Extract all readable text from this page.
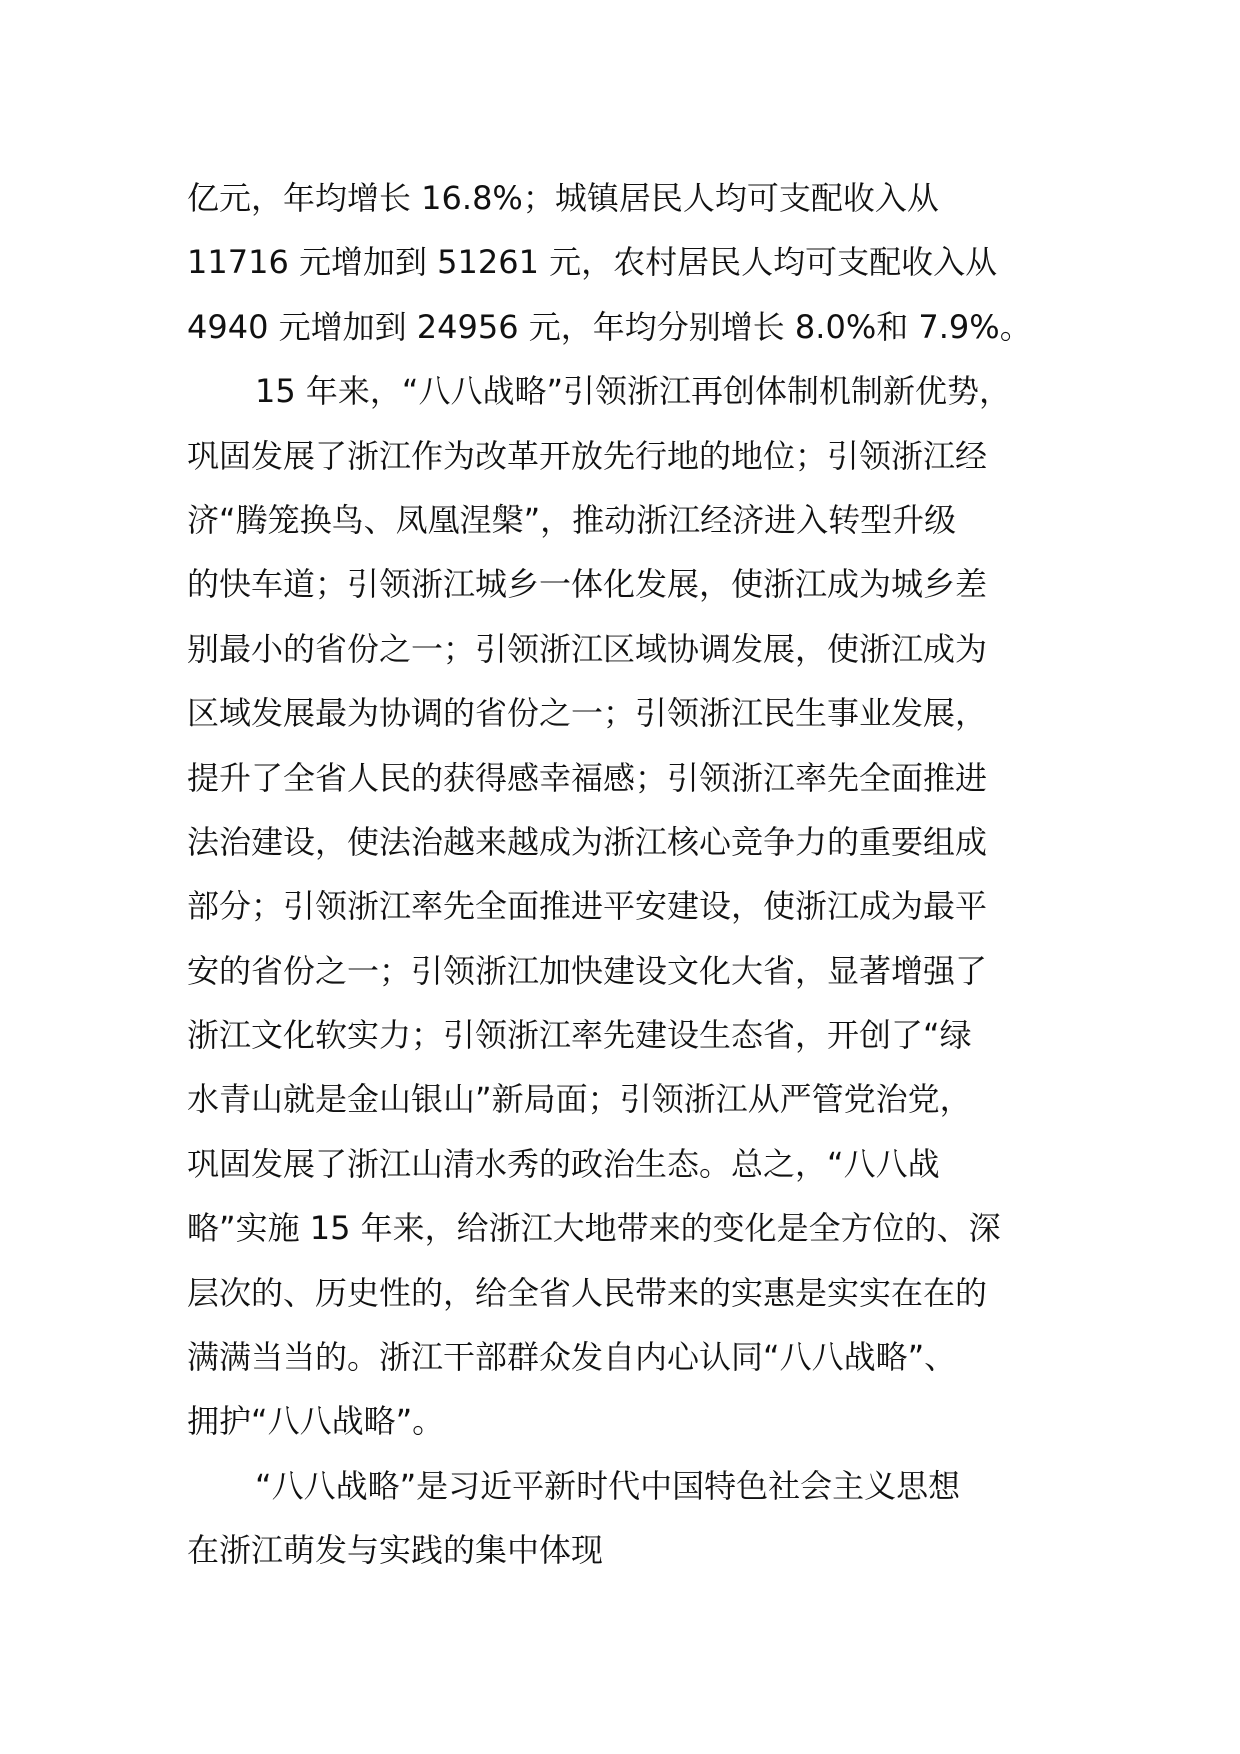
亿元，年均增长 16.8%；城镇居民人均可支配收入从
11716 元增加到 51261 元，农村居民人均可支配收入从
4940 元增加到 24956 元，年均分别增长 8.0%和 7.9%。
15 年来，“八八战略”引领浙江再创体制机制新优势，
巩固发展了浙江作为改革开放先行地的地位；引领浙江经
济“腾笼换鸟、凤凰涅槃”，推动浙江经济进入转型升级
的快车道；引领浙江城乡一体化发展，使浙江成为城乡差
别最小的省份之一；引领浙江区域协调发展，使浙江成为
区域发展最为协调的省份之一；引领浙江民生事业发展，
提升了全省人民的获得感幸福感；引领浙江率先全面推进
法治建设，使法治越来越成为浙江核心竞争力的重要组成
部分；引领浙江率先全面推进平安建设，使浙江成为最平
安的省份之一；引领浙江加快建设文化大省，显著增强了
浙江文化软实力；引领浙江率先建设生态省，开创了“绿
水青山就是金山银山”新局面；引领浙江从严管党治党，
巩固发展了浙江山清水秀的政治生态。总之，“八八战
略”实施 15 年来，给浙江大地带来的变化是全方位的、深
层次的、历史性的，给全省人民带来的实惠是实实在在的
满满当当的。浙江干部群众发自内心认同“八八战略”、
拥护“八八战略”。
“八八战略”是习近平新时代中国特色社会主义思想
在浙江萌发与实践的集中体现
